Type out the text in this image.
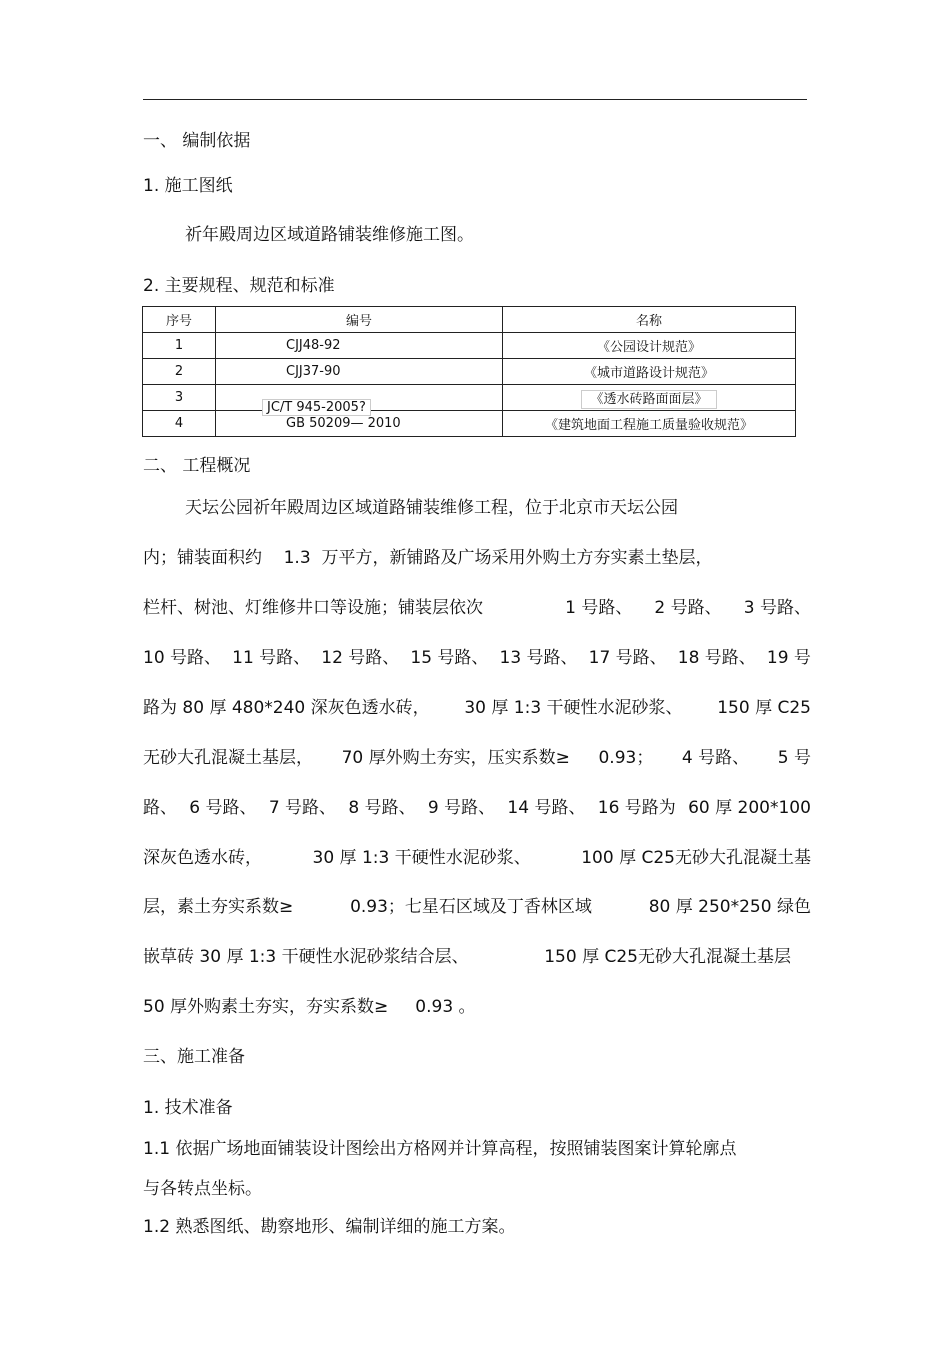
一、 编制依据
1. 施工图纸
祈年殿周边区域道路铺装维修施工图。
2. 主要规程、规范和标准
序号	编号	名称
1	CJJ48-92	《公园设计规范》
2	CJJ37-90	《城市道路设计规范》
3	JC/T 945-2005?	《透水砖路面面层》
4	GB 50209— 2010	《建筑地面工程施工质量验收规范》
二、 工程概况
天坛公园祈年殿周边区域道路铺装维修工程，位于北京市天坛公园
内；铺装面积约    1.3  万平方，新铺路及广场采用外购土方夯实素土垫层，
栏杆、树池、灯维修井口等设施；铺装层依次	1 号路、 2 号路、 3 号路、
10 号路、 11 号路、 12 号路、 15 号路、 13 号路、 17 号路、 18 号路、 19 号
路为 80 厚 480*240 深灰色透水砖， 30 厚 1:3 干硬性水泥砂浆、 150 厚 C25
无砂大孔混凝土基层， 70 厚外购土夯实，压实系数≥ 0.93； 4 号路、 5 号
路、 6 号路、 7 号路、 8 号路、 9 号路、 14 号路、 16 号路为 60 厚 200*100
深灰色透水砖，	30 厚 1:3 干硬性水泥砂浆、	100 厚 C25无砂大孔混凝土基
层，素土夯实系数≥	0.93；七星石区域及丁香林区域	80 厚 250*250 绿色
嵌草砖 30 厚 1:3 干硬性水泥砂浆结合层、	150 厚 C25无砂大孔混凝土基层
50 厚外购素土夯实，夯实系数≥     0.93 。
三、施工准备
1. 技术准备
1.1 依据广场地面铺装设计图绘出方格网并计算高程，按照铺装图案计算轮廓点
与各转点坐标。
1.2 熟悉图纸、勘察地形、编制详细的施工方案。
